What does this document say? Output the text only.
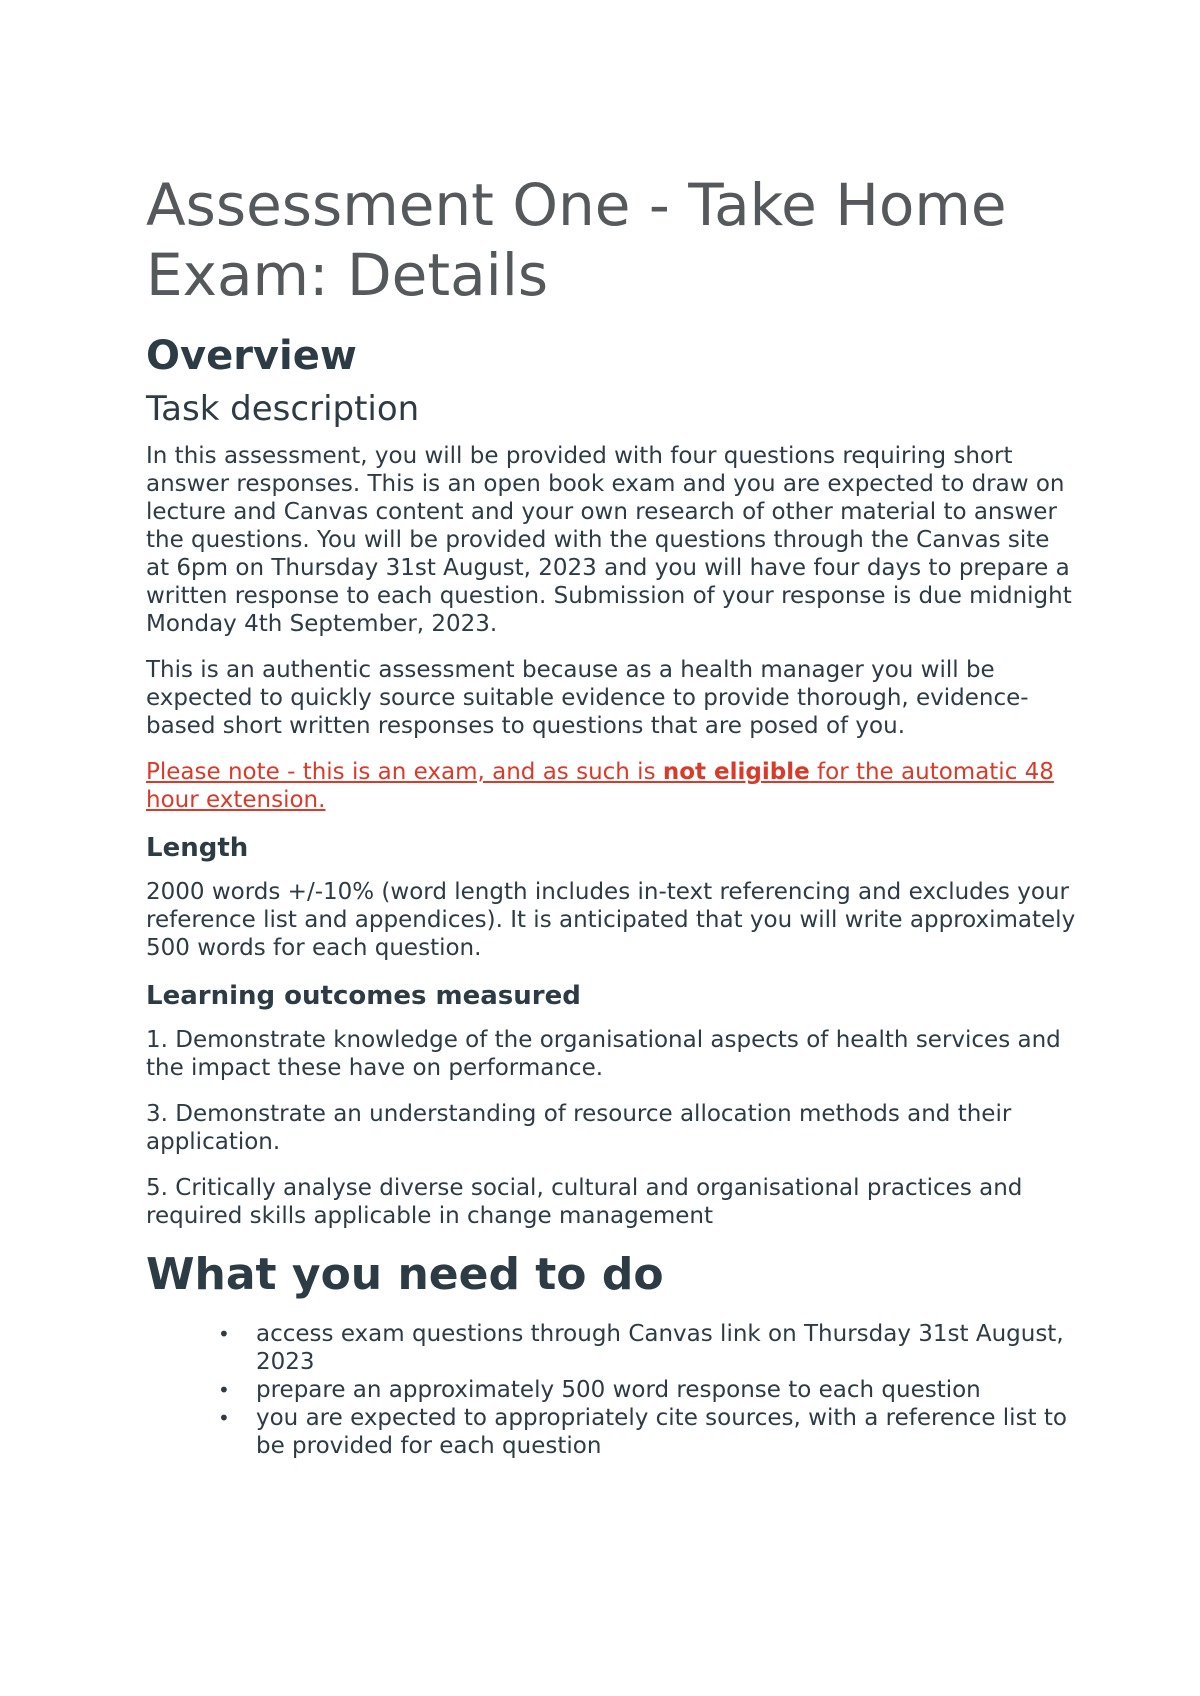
Assessment One - Take Home Exam: Details
Overview
Task description

In this assessment, you will be provided with four questions requiring short answer responses. This is an open book exam and you are expected to draw on lecture and Canvas content and your own research of other material to answer the questions. You will be provided with the questions through the Canvas site at 6pm on Thursday 31st August, 2023 and you will have four days to prepare a written response to each question. Submission of your response is due midnight Monday 4th September, 2023.

This is an authentic assessment because as a health manager you will be expected to quickly source suitable evidence to provide thorough, evidence-based short written responses to questions that are posed of you.

Please note - this is an exam, and as such is not eligible for the automatic 48 hour extension.

Length

2000 words +/-10% (word length includes in-text referencing and excludes your reference list and appendices). It is anticipated that you will write approximately 500 words for each question.

Learning outcomes measured

1. Demonstrate knowledge of the organisational aspects of health services and the impact these have on performance.

3. Demonstrate an understanding of resource allocation methods and their application.

5. Critically analyse diverse social, cultural and organisational practices and required skills applicable in change management

What you need to do
• access exam questions through Canvas link on Thursday 31st August, 2023
• prepare an approximately 500 word response to each question
• you are expected to appropriately cite sources, with a reference list to be provided for each question
